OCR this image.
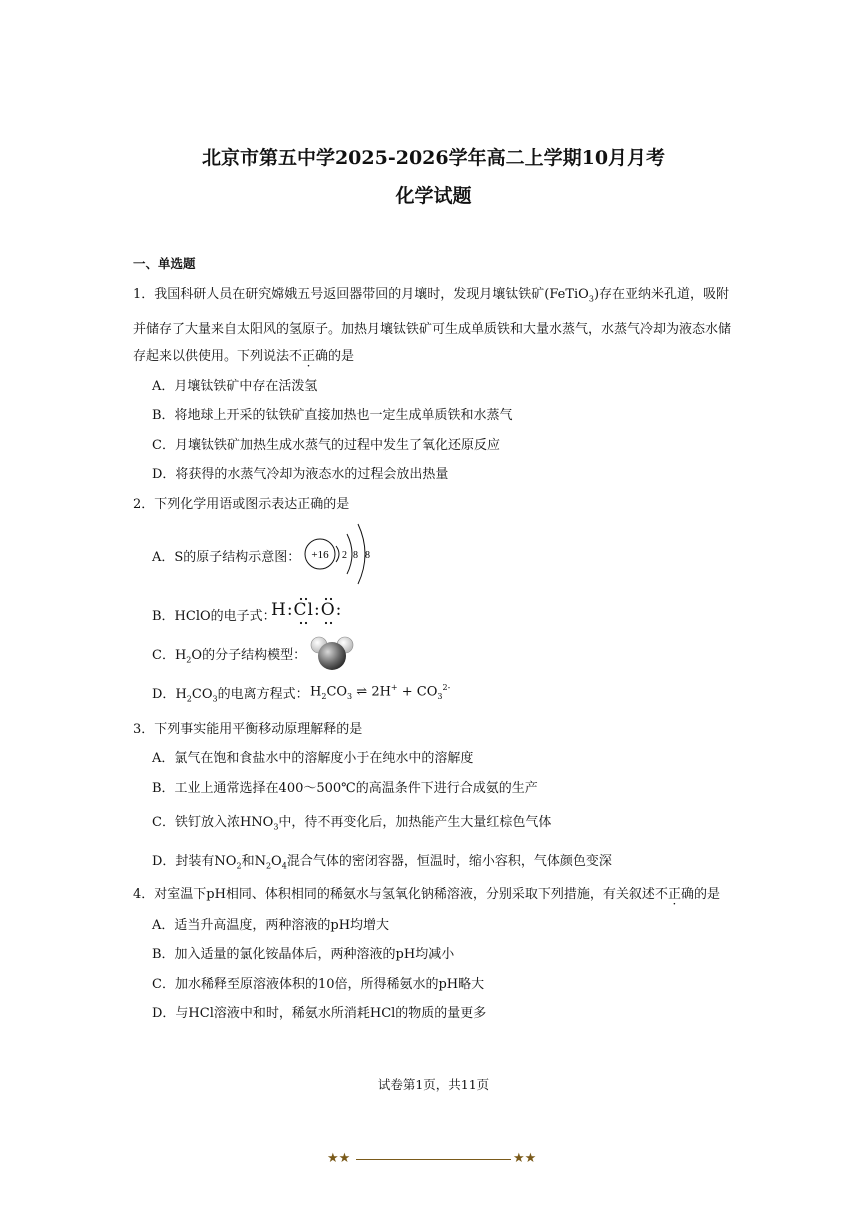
北京市第五中学2025-2026学年高二上学期10月月考
化学试题
一、单选题
1．我国科研人员在研究嫦娥五号返回器带回的月壤时，发现月壤钛铁矿(FeTiO$_3$)存在亚纳米孔道，吸附
并储存了大量来自太阳风的氢原子。加热月壤钛铁矿可生成单质铁和大量水蒸气，水蒸气冷却为液态水储
存起来以供使用。下列说法不正确的是
A．月壤钛铁矿中存在活泼氢
B．将地球上开采的钛铁矿直接加热也一定生成单质铁和水蒸气
C．月壤钛铁矿加热生成水蒸气的过程中发生了氧化还原反应
D．将获得的水蒸气冷却为液态水的过程会放出热量
2．下列化学用语或图示表达正确的是
A．S的原子结构示意图： +16 2 8 8
B．HClO的电子式：
H:Cl:O:
C．$H_2O$的分子结构模型：
D．$H_2CO_3$的电离方程式： $H_2CO_3$ ⇌ $2H^+ + CO_3^{2-}$
3．下列事实能用平衡移动原理解释的是
A．氯气在饱和食盐水中的溶解度小于在纯水中的溶解度
B．工业上通常选择在400～500℃的高温条件下进行合成氨的生产
C．铁钉放入浓$HNO_3$中，待不再变化后，加热能产生大量红棕色气体
D．封装有$NO_2$和$N_2O_4$混合气体的密闭容器，恒温时，缩小容积，气体颜色变深
4．对室温下pH相同、体积相同的稀氨水与氢氧化钠稀溶液，分别采取下列措施，有关叙述不正确的是
A．适当升高温度，两种溶液的pH均增大
B．加入适量的氯化铵晶体后，两种溶液的pH均减小
C．加水稀释至原溶液体积的10倍，所得稀氨水的pH略大
D．与HCl溶液中和时，稀氨水所消耗HCl的物质的量更多
试卷第1页，共11页
★★	★★
